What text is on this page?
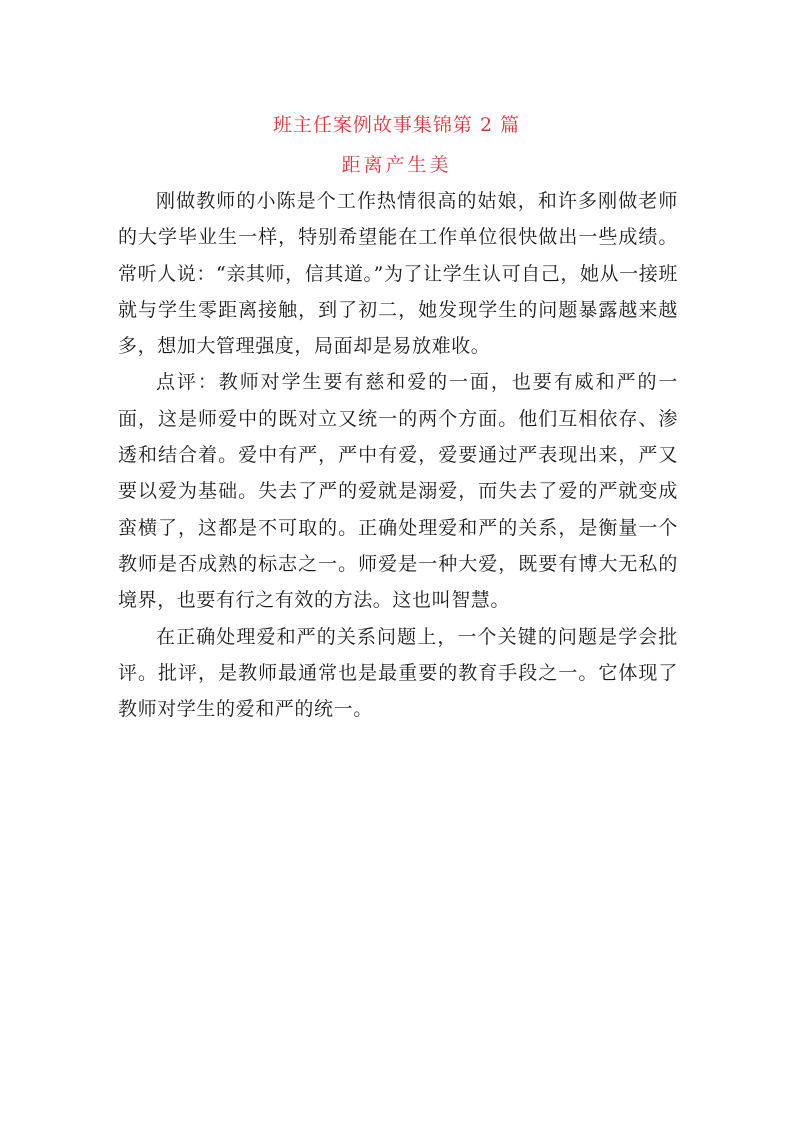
班主任案例故事集锦第 2 篇
距离产生美

刚做教师的小陈是个工作热情很高的姑娘，和许多刚做老师的大学毕业生一样，特别希望能在工作单位很快做出一些成绩。常听人说：“亲其师，信其道。”为了让学生认可自己，她从一接班就与学生零距离接触，到了初二，她发现学生的问题暴露越来越多，想加大管理强度，局面却是易放难收。

点评：教师对学生要有慈和爱的一面，也要有威和严的一面，这是师爱中的既对立又统一的两个方面。他们互相依存、渗透和结合着。爱中有严，严中有爱，爱要通过严表现出来，严又要以爱为基础。失去了严的爱就是溺爱，而失去了爱的严就变成蛮横了，这都是不可取的。正确处理爱和严的关系，是衡量一个教师是否成熟的标志之一。师爱是一种大爱，既要有博大无私的境界，也要有行之有效的方法。这也叫智慧。

在正确处理爱和严的关系问题上，一个关键的问题是学会批评。批评，是教师最通常也是最重要的教育手段之一。它体现了教师对学生的爱和严的统一。
